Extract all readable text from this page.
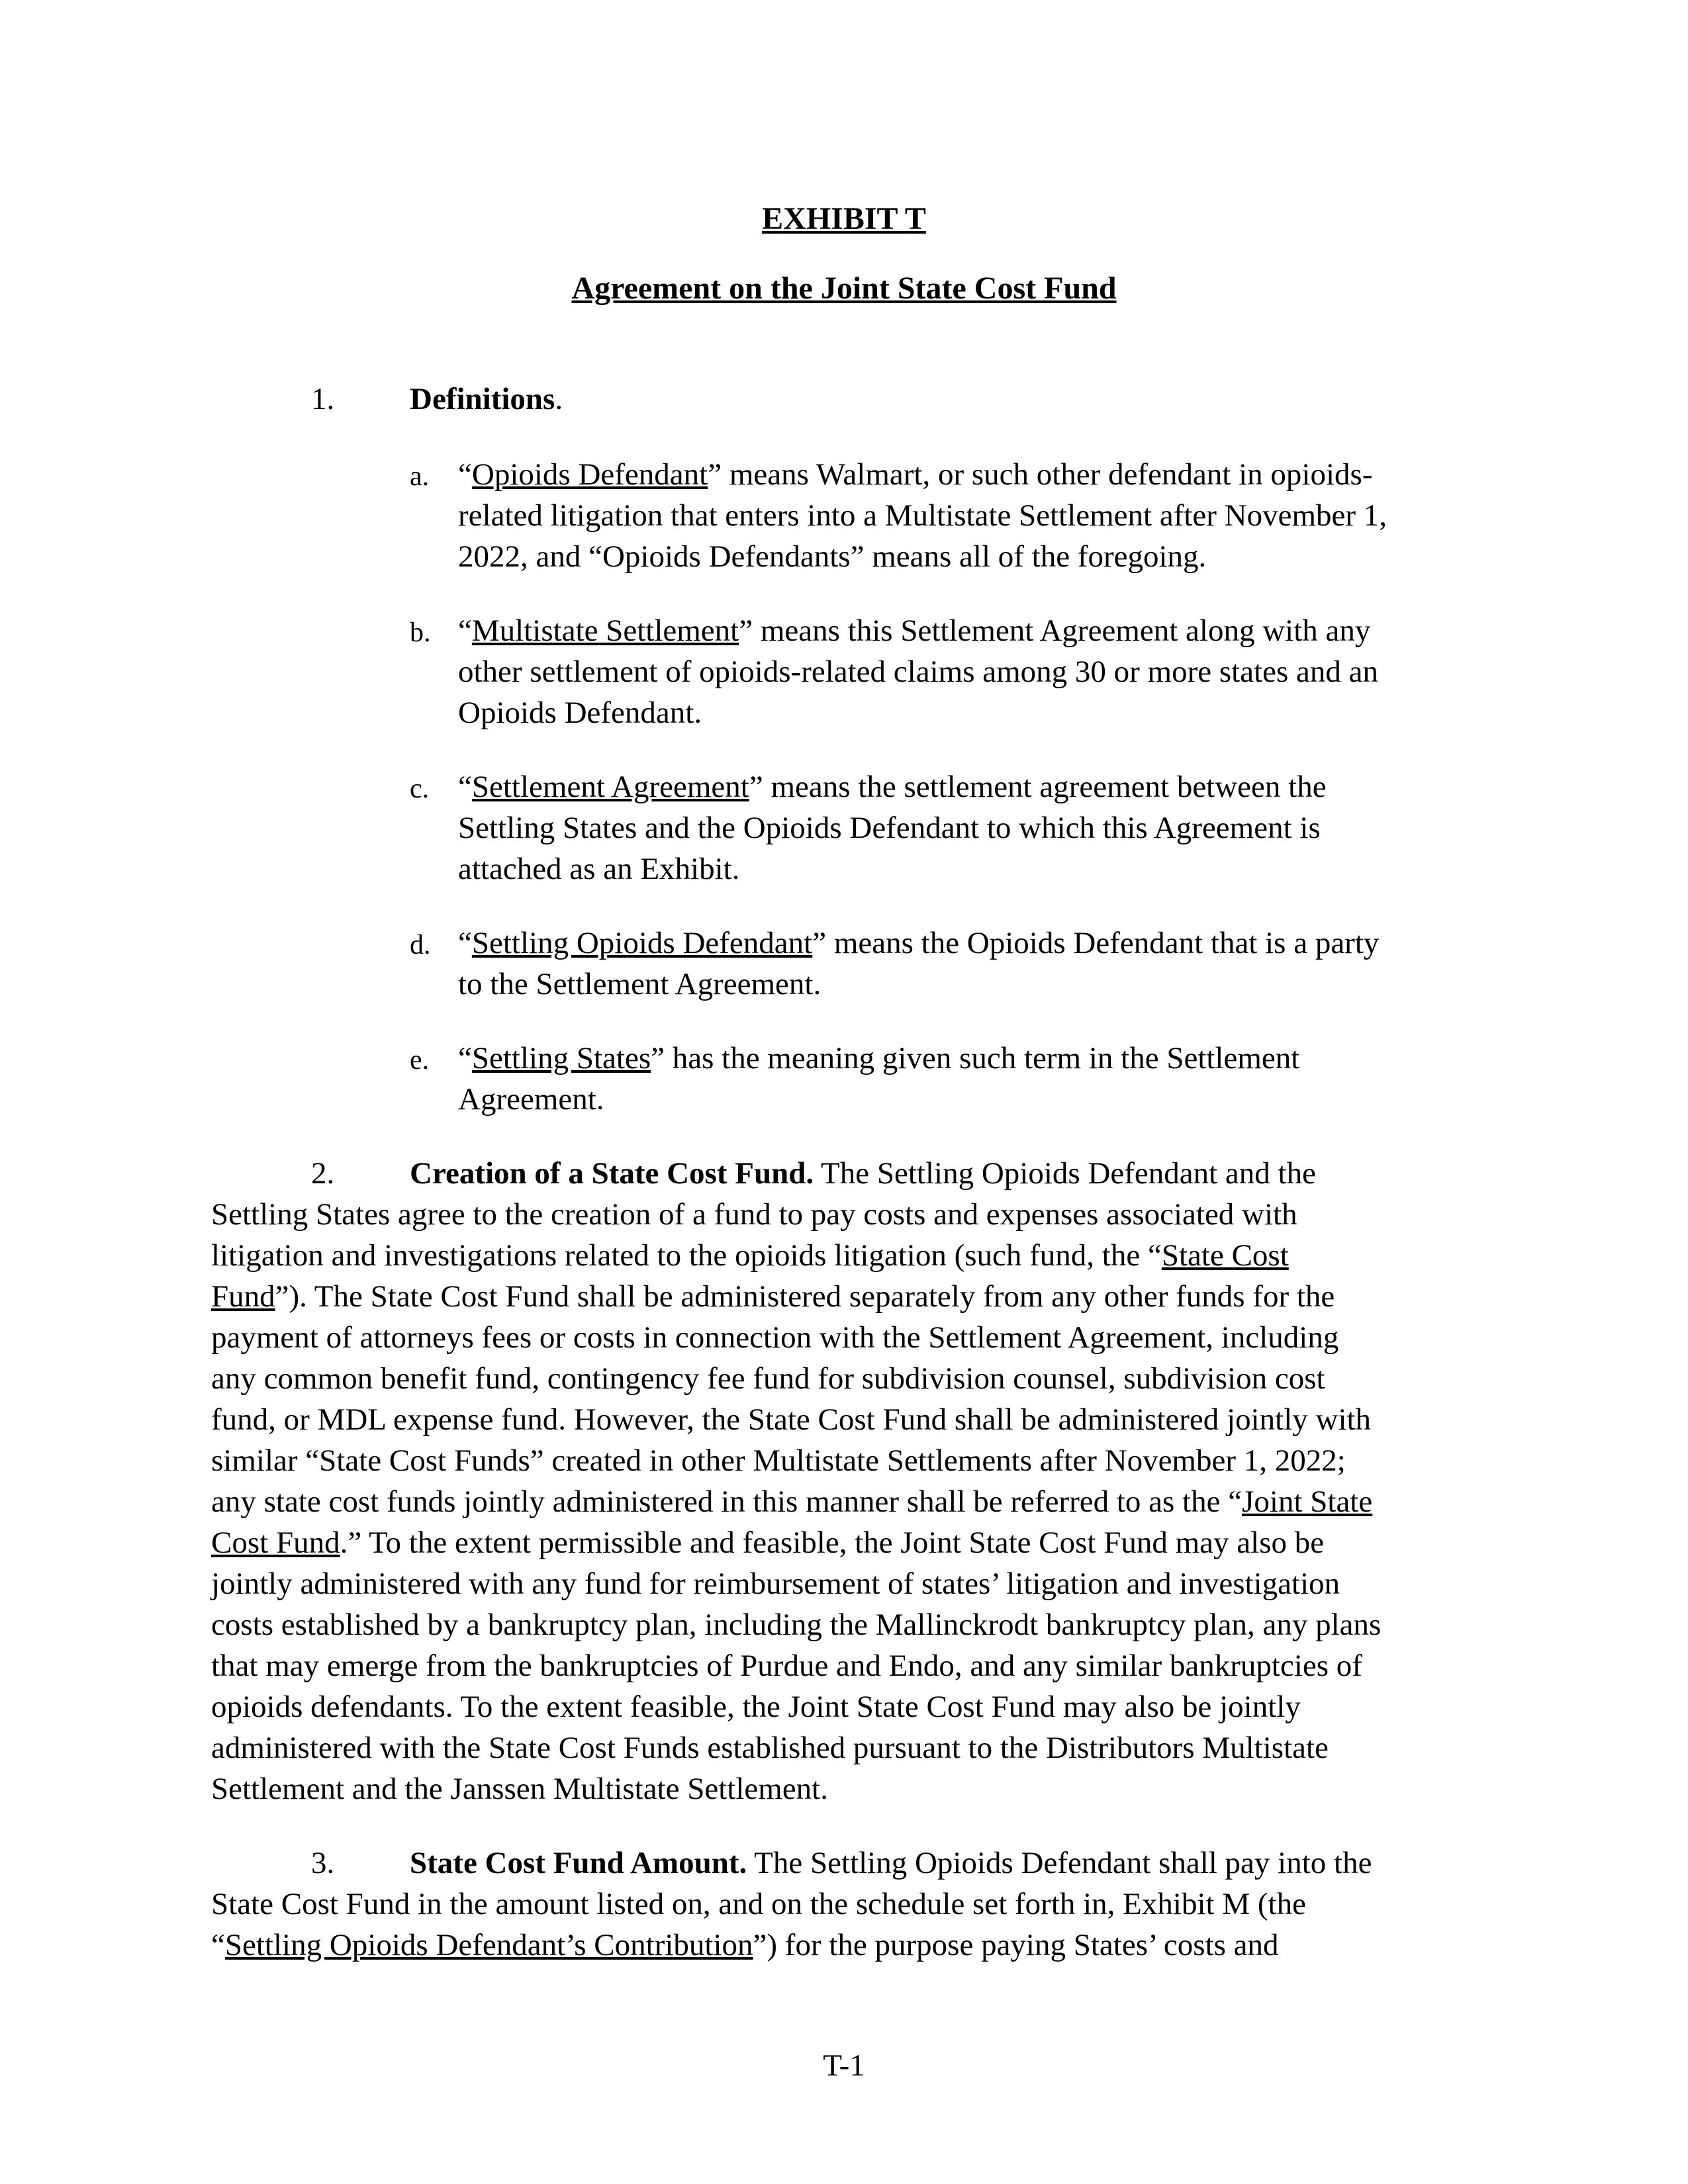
EXHIBIT T
Agreement on the Joint State Cost Fund
1. Definitions.
a. “Opioids Defendant” means Walmart, or such other defendant in opioids-
related litigation that enters into a Multistate Settlement after November 1,
2022, and “Opioids Defendants” means all of the foregoing.
b. “Multistate Settlement” means this Settlement Agreement along with any
other settlement of opioids-related claims among 30 or more states and an
Opioids Defendant.
c. “Settlement Agreement” means the settlement agreement between the
Settling States and the Opioids Defendant to which this Agreement is
attached as an Exhibit.
d. “Settling Opioids Defendant” means the Opioids Defendant that is a party
to the Settlement Agreement.
e. “Settling States” has the meaning given such term in the Settlement
Agreement.
2. Creation of a State Cost Fund. The Settling Opioids Defendant and the
Settling States agree to the creation of a fund to pay costs and expenses associated with
litigation and investigations related to the opioids litigation (such fund, the “State Cost
Fund”). The State Cost Fund shall be administered separately from any other funds for the
payment of attorneys fees or costs in connection with the Settlement Agreement, including
any common benefit fund, contingency fee fund for subdivision counsel, subdivision cost
fund, or MDL expense fund. However, the State Cost Fund shall be administered jointly with
similar “State Cost Funds” created in other Multistate Settlements after November 1, 2022;
any state cost funds jointly administered in this manner shall be referred to as the “Joint State
Cost Fund.” To the extent permissible and feasible, the Joint State Cost Fund may also be
jointly administered with any fund for reimbursement of states’ litigation and investigation
costs established by a bankruptcy plan, including the Mallinckrodt bankruptcy plan, any plans
that may emerge from the bankruptcies of Purdue and Endo, and any similar bankruptcies of
opioids defendants. To the extent feasible, the Joint State Cost Fund may also be jointly
administered with the State Cost Funds established pursuant to the Distributors Multistate
Settlement and the Janssen Multistate Settlement.
3. State Cost Fund Amount. The Settling Opioids Defendant shall pay into the
State Cost Fund in the amount listed on, and on the schedule set forth in, Exhibit M (the
“Settling Opioids Defendant’s Contribution”) for the purpose paying States’ costs and
T-1
